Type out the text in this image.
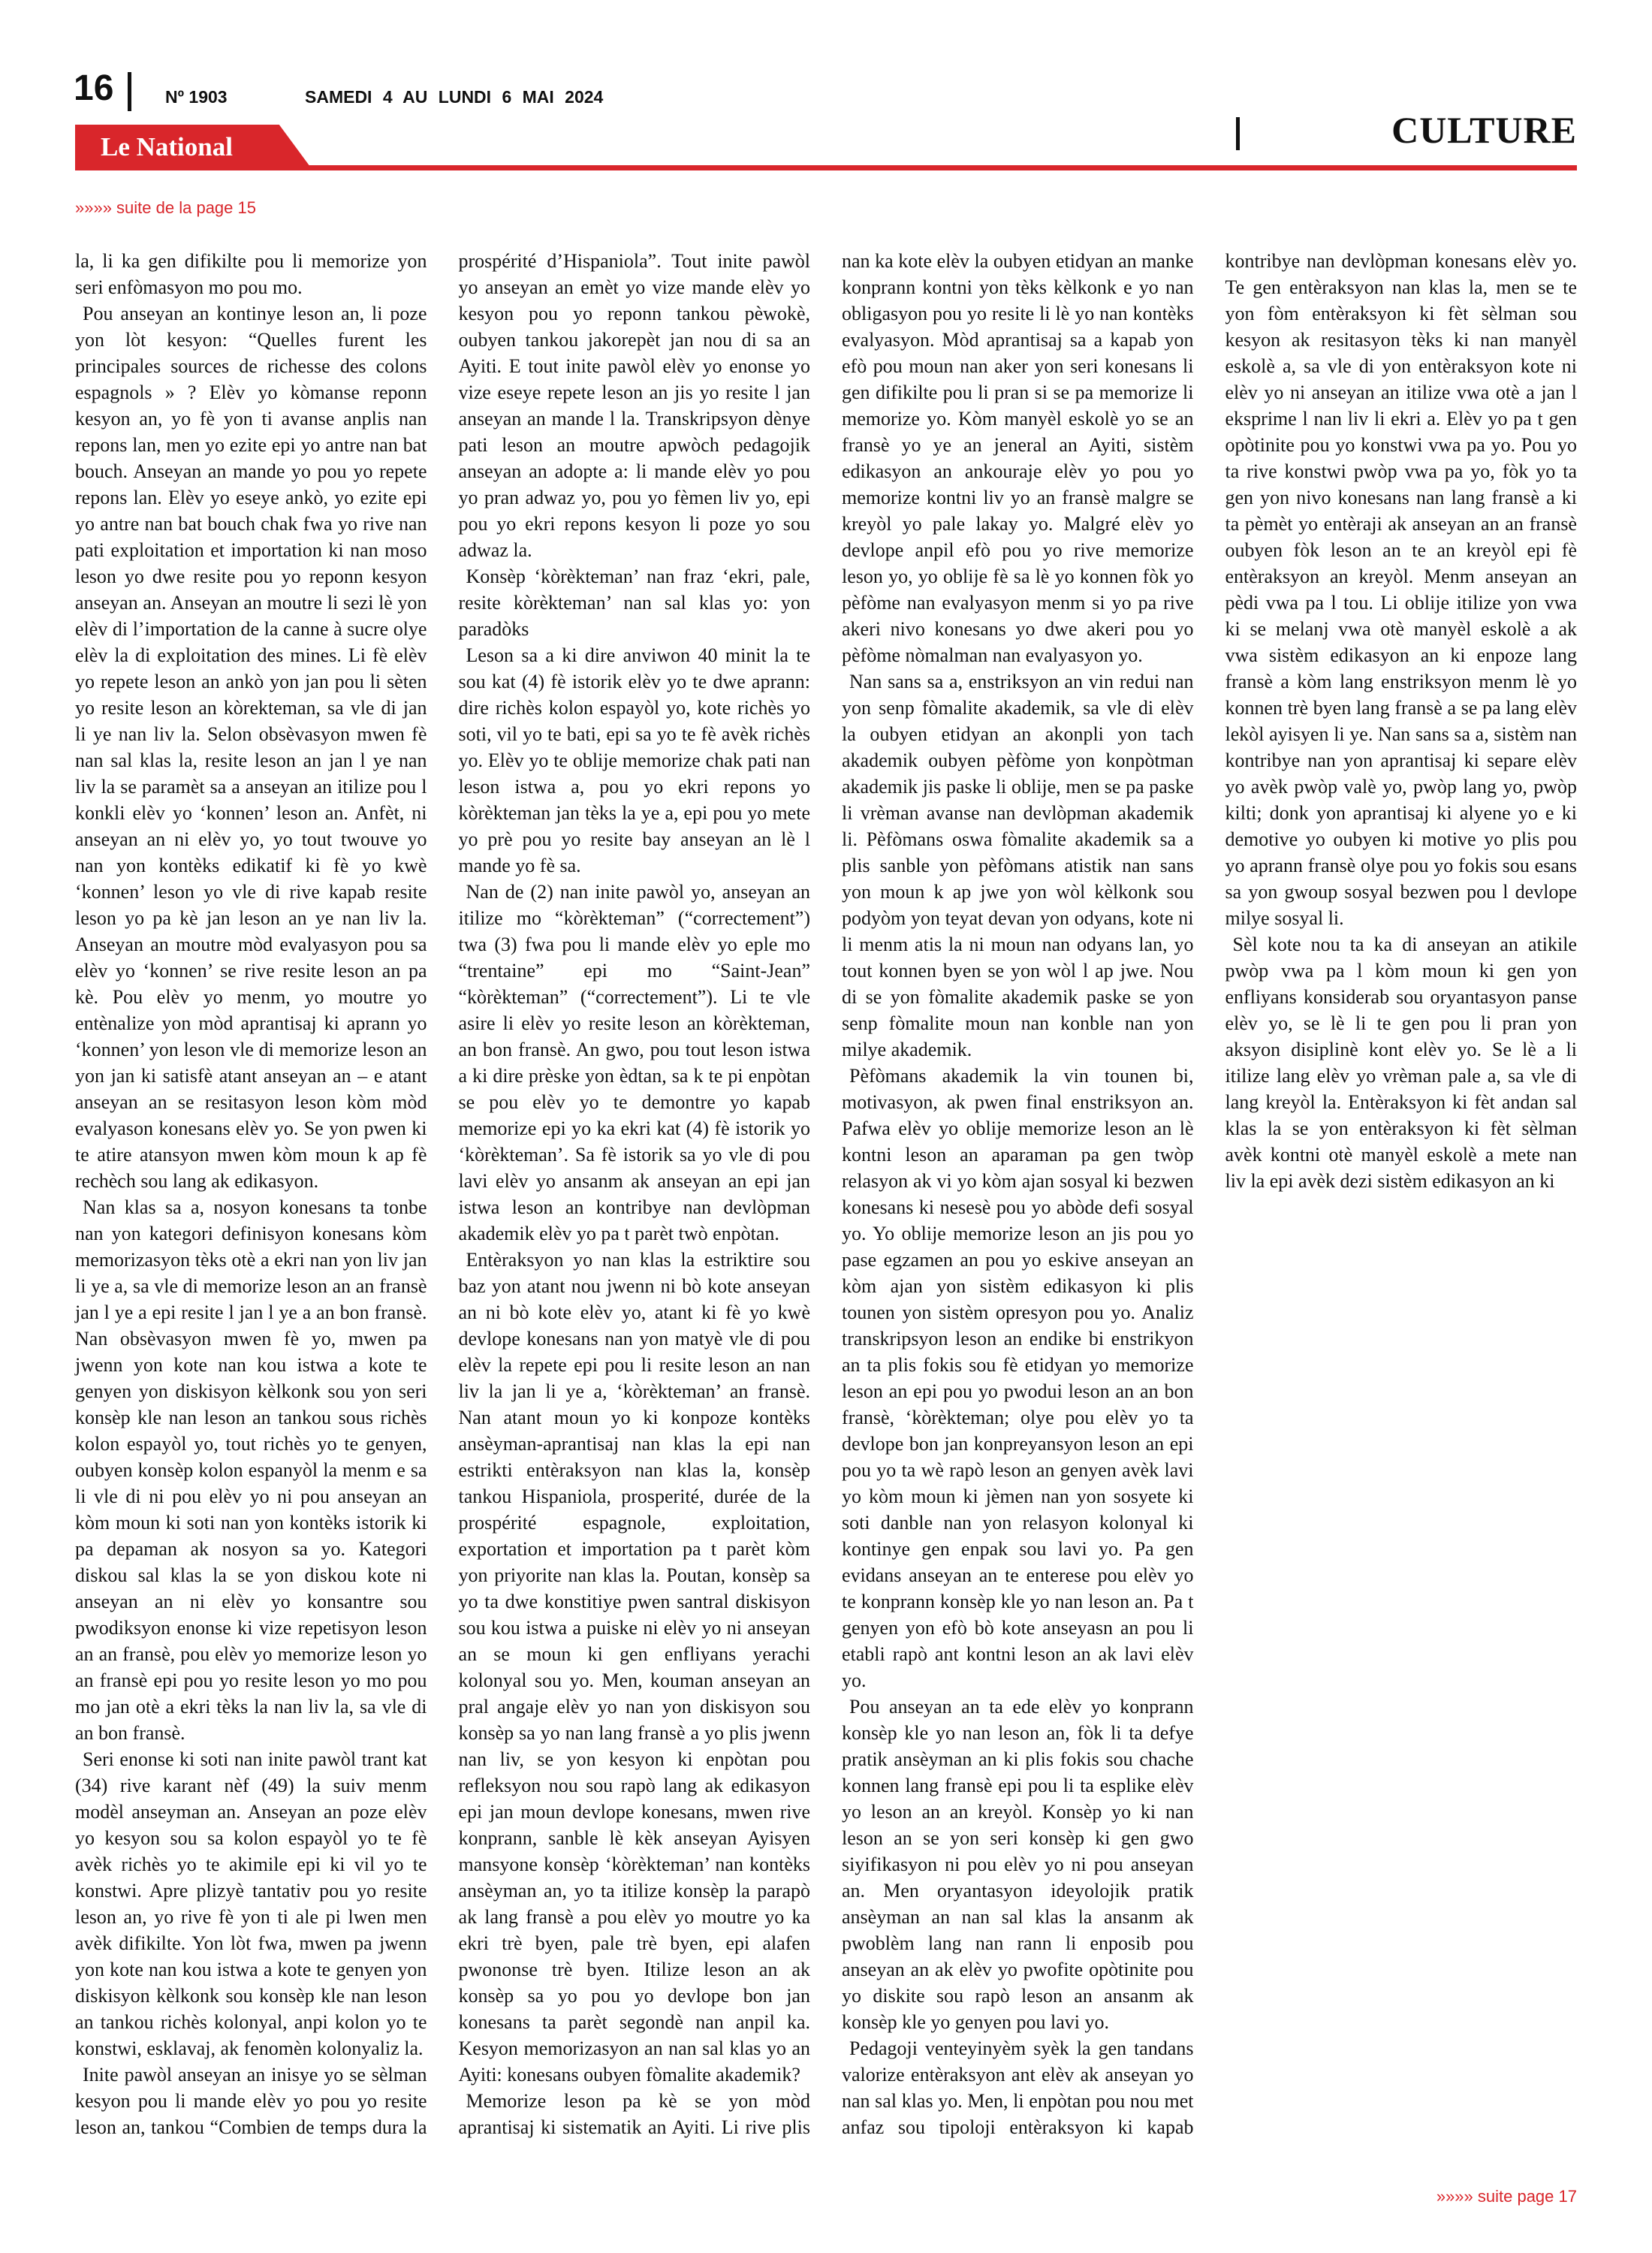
16	Nº 1903	SAMEDI 4 AU LUNDI 6 MAI 2024
Le National	CULTURE
»»»» suite de la page 15

la, li ka gen difikilte pou li memorize yon seri enfòmasyon mo pou mo.

Pou anseyan an kontinye leson an, li poze yon lòt kesyon: “Quelles furent les principales sources de richesse des colons espagnols » ? Elèv yo kòmanse reponn kesyon an, yo fè yon ti avanse anplis nan repons lan, men yo ezite epi yo antre nan bat bouch. Anseyan an mande yo pou yo repete repons lan. Elèv yo eseye ankò, yo ezite epi yo antre nan bat bouch chak fwa yo rive nan pati exploitation et importation ki nan moso leson yo dwe resite pou yo reponn kesyon anseyan an. Anseyan an moutre li sezi lè yon elèv di l’importation de la canne à sucre olye elèv la di exploitation des mines. Li fè elèv yo repete leson an ankò yon jan pou li sèten yo resite leson an kòrekteman, sa vle di jan li ye nan liv la. Selon obsèvasyon mwen fè nan sal klas la, resite leson an jan l ye nan liv la se paramèt sa a anseyan an itilize pou l konkli elèv yo ‘konnen’ leson an. Anfèt, ni anseyan an ni elèv yo, yo tout twouve yo nan yon kontèks edikatif ki fè yo kwè ‘konnen’ leson yo vle di rive kapab resite leson yo pa kè jan leson an ye nan liv la. Anseyan an moutre mòd evalyasyon pou sa elèv yo ‘konnen’ se rive resite leson an pa kè. Pou elèv yo menm, yo moutre yo entènalize yon mòd aprantisaj ki aprann yo ‘konnen’ yon leson vle di memorize leson an yon jan ki satisfè atant anseyan an – e atant anseyan an se resitasyon leson kòm mòd evalyason konesans elèv yo. Se yon pwen ki te atire atansyon mwen kòm moun k ap fè rechèch sou lang ak edikasyon.

Nan klas sa a, nosyon konesans ta tonbe nan yon kategori definisyon konesans kòm memorizasyon tèks otè a ekri nan yon liv jan li ye a, sa vle di memorize leson an an fransè jan l ye a epi resite l jan l ye a an bon fransè. Nan obsèvasyon mwen fè yo, mwen pa jwenn yon kote nan kou istwa a kote te genyen yon diskisyon kèlkonk sou yon seri konsèp kle nan leson an tankou sous richès kolon espayòl yo, tout richès yo te genyen, oubyen konsèp kolon espanyòl la menm e sa li vle di ni pou elèv yo ni pou anseyan an kòm moun ki soti nan yon kontèks istorik ki pa depaman ak nosyon sa yo. Kategori diskou sal klas la se yon diskou kote ni anseyan an ni elèv yo konsantre sou pwodiksyon enonse ki vize repetisyon leson an an fransè, pou elèv yo memorize leson yo an fransè epi pou yo resite leson yo mo pou mo jan otè a ekri tèks la nan liv la, sa vle di an bon fransè.

Seri enonse ki soti nan inite pawòl trant kat (34) rive karant nèf (49) la suiv menm modèl anseyman an. Anseyan an poze elèv yo kesyon sou sa kolon espayòl yo te fè avèk richès yo te akimile epi ki vil yo te konstwi. Apre plizyè tantativ pou yo resite leson an, yo rive fè yon ti ale pi lwen men avèk difikilte. Yon lòt fwa, mwen pa jwenn yon kote nan kou istwa a kote te genyen yon diskisyon kèlkonk sou konsèp kle nan leson an tankou richès kolonyal, anpi kolon yo te konstwi, esklavaj, ak fenomèn kolonyaliz la.

Inite pawòl anseyan an inisye yo se sèlman kesyon pou li mande elèv yo pou yo resite leson an, tankou “Combien de temps dura la prospérité d’Hispaniola”. Tout inite pawòl yo anseyan an emèt yo vize mande elèv yo kesyon pou yo reponn tankou pèwokè, oubyen tankou jakorepèt jan nou di sa an Ayiti. E tout inite pawòl elèv yo enonse yo vize eseye repete leson an jis yo resite l jan anseyan an mande l la. Transkripsyon dènye pati leson an moutre apwòch pedagojik anseyan an adopte a: li mande elèv yo pou yo pran adwaz yo, pou yo fèmen liv yo, epi pou yo ekri repons kesyon li poze yo sou adwaz la.

Konsèp ‘kòrèkteman’ nan fraz ‘ekri, pale, resite kòrèkteman’ nan sal klas yo: yon paradòks

Leson sa a ki dire anviwon 40 minit la te sou kat (4) fè istorik elèv yo te dwe aprann: dire richès kolon espayòl yo, kote richès yo soti, vil yo te bati, epi sa yo te fè avèk richès yo. Elèv yo te oblije memorize chak pati nan leson istwa a, pou yo ekri repons yo kòrèkteman jan tèks la ye a, epi pou yo mete yo prè pou yo resite bay anseyan an lè l mande yo fè sa.

Nan de (2) nan inite pawòl yo, anseyan an itilize mo “kòrèkteman” (“correctement”) twa (3) fwa pou li mande elèv yo eple mo “trentaine” epi mo “Saint-Jean” “kòrèkteman” (“correctement”). Li te vle asire li elèv yo resite leson an kòrèkteman, an bon fransè. An gwo, pou tout leson istwa a ki dire prèske yon èdtan, sa k te pi enpòtan se pou elèv yo te demontre yo kapab memorize epi yo ka ekri kat (4) fè istorik yo ‘kòrèkteman’. Sa fè istorik sa yo vle di pou lavi elèv yo ansanm ak anseyan an epi jan istwa leson an kontribye nan devlòpman akademik elèv yo pa t parèt twò enpòtan.

Entèraksyon yo nan klas la estriktire sou baz yon atant nou jwenn ni bò kote anseyan an ni bò kote elèv yo, atant ki fè yo kwè devlope konesans nan yon matyè vle di pou elèv la repete epi pou li resite leson an nan liv la jan li ye a, ‘kòrèkteman’ an fransè. Nan atant moun yo ki konpoze kontèks ansèyman-aprantisaj nan klas la epi nan estrikti entèraksyon nan klas la, konsèp tankou Hispaniola, prosperité, durée de la prospérité espagnole, exploitation, exportation et importation pa t parèt kòm yon priyorite nan klas la. Poutan, konsèp sa yo ta dwe konstitiye pwen santral diskisyon sou kou istwa a puiske ni elèv yo ni anseyan an se moun ki gen enfliyans yerachi kolonyal sou yo. Men, kouman anseyan an pral angaje elèv yo nan yon diskisyon sou konsèp sa yo nan lang fransè a yo plis jwenn nan liv, se yon kesyon ki enpòtan pou refleksyon nou sou rapò lang ak edikasyon epi jan moun devlope konesans, mwen rive konprann, sanble lè kèk anseyan Ayisyen mansyone konsèp ‘kòrèkteman’ nan kontèks ansèyman an, yo ta itilize konsèp la parapò ak lang fransè a pou elèv yo moutre yo ka ekri trè byen, pale trè byen, epi alafen pwononse trè byen. Itilize leson an ak konsèp sa yo pou yo devlope bon jan konesans ta parèt segondè nan anpil ka. Kesyon memorizasyon an nan sal klas yo an Ayiti: konesans oubyen fòmalite akademik?

Memorize leson pa kè se yon mòd aprantisaj ki sistematik an Ayiti. Li rive plis nan ka kote elèv la oubyen etidyan an manke konprann kontni yon tèks kèlkonk e yo nan obligasyon pou yo resite li lè yo nan kontèks evalyasyon. Mòd aprantisaj sa a kapab yon efò pou moun nan aker yon seri konesans li gen difikilte pou li pran si se pa memorize li memorize yo. Kòm manyèl eskolè yo se an fransè yo ye an jeneral an Ayiti, sistèm edikasyon an ankouraje elèv yo pou yo memorize kontni liv yo an fransè malgre se kreyòl yo pale lakay yo. Malgré elèv yo devlope anpil efò pou yo rive memorize leson yo, yo oblije fè sa lè yo konnen fòk yo pèfòme nan evalyasyon menm si yo pa rive akeri nivo konesans yo dwe akeri pou yo pèfòme nòmalman nan evalyasyon yo.

Nan sans sa a, enstriksyon an vin redui nan yon senp fòmalite akademik, sa vle di elèv la oubyen etidyan an akonpli yon tach akademik oubyen pèfòme yon konpòtman akademik jis paske li oblije, men se pa paske li vrèman avanse nan devlòpman akademik li. Pèfòmans oswa fòmalite akademik sa a plis sanble yon pèfòmans atistik nan sans yon moun k ap jwe yon wòl kèlkonk sou podyòm yon teyat devan yon odyans, kote ni li menm atis la ni moun nan odyans lan, yo tout konnen byen se yon wòl l ap jwe. Nou di se yon fòmalite akademik paske se yon senp fòmalite moun nan konble nan yon milye akademik.

Pèfòmans akademik la vin tounen bi, motivasyon, ak pwen final enstriksyon an. Pafwa elèv yo oblije memorize leson an lè kontni leson an aparaman pa gen twòp relasyon ak vi yo kòm ajan sosyal ki bezwen konesans ki nesesè pou yo abòde defi sosyal yo. Yo oblije memorize leson an jis pou yo pase egzamen an pou yo eskive anseyan an kòm ajan yon sistèm edikasyon ki plis tounen yon sistèm opresyon pou yo. Analiz transkripsyon leson an endike bi enstrikyon an ta plis fokis sou fè etidyan yo memorize leson an epi pou yo pwodui leson an an bon fransè, ‘kòrèkteman; olye pou elèv yo ta devlope bon jan konpreyansyon leson an epi pou yo ta wè rapò leson an genyen avèk lavi yo kòm moun ki jèmen nan yon sosyete ki soti danble nan yon relasyon kolonyal ki kontinye gen enpak sou lavi yo. Pa gen evidans anseyan an te enterese pou elèv yo te konprann konsèp kle yo nan leson an. Pa t genyen yon efò bò kote anseyasn an pou li etabli rapò ant kontni leson an ak lavi elèv yo.

Pou anseyan an ta ede elèv yo konprann konsèp kle yo nan leson an, fòk li ta defye pratik ansèyman an ki plis fokis sou chache konnen lang fransè epi pou li ta esplike elèv yo leson an an kreyòl. Konsèp yo ki nan leson an se yon seri konsèp ki gen gwo siyifikasyon ni pou elèv yo ni pou anseyan an. Men oryantasyon ideyolojik pratik ansèyman an nan sal klas la ansanm ak pwoblèm lang nan rann li enposib pou anseyan an ak elèv yo pwofite opòtinite pou yo diskite sou rapò leson an ansanm ak konsèp kle yo genyen pou lavi yo.

Pedagoji venteyinyèm syèk la gen tandans valorize entèraksyon ant elèv ak anseyan yo nan sal klas yo. Men, li enpòtan pou nou met anfaz sou tipoloji entèraksyon ki kapab kontribye nan devlòpman konesans elèv yo. Te gen entèraksyon nan klas la, men se te yon fòm entèraksyon ki fèt sèlman sou kesyon ak resitasyon tèks ki nan manyèl eskolè a, sa vle di yon entèraksyon kote ni elèv yo ni anseyan an itilize vwa otè a jan l eksprime l nan liv li ekri a. Elèv yo pa t gen opòtinite pou yo konstwi vwa pa yo. Pou yo ta rive konstwi pwòp vwa pa yo, fòk yo ta gen yon nivo konesans nan lang fransè a ki ta pèmèt yo entèraji ak anseyan an an fransè oubyen fòk leson an te an kreyòl epi fè entèraksyon an kreyòl. Menm anseyan an pèdi vwa pa l tou. Li oblije itilize yon vwa ki se melanj vwa otè manyèl eskolè a ak vwa sistèm edikasyon an ki enpoze lang fransè a kòm lang enstriksyon menm lè yo konnen trè byen lang fransè a se pa lang elèv lekòl ayisyen li ye. Nan sans sa a, sistèm nan kontribye nan yon aprantisaj ki separe elèv yo avèk pwòp valè yo, pwòp lang yo, pwòp kilti; donk yon aprantisaj ki alyene yo e ki demotive yo oubyen ki motive yo plis pou yo aprann fransè olye pou yo fokis sou esans sa yon gwoup sosyal bezwen pou l devlope milye sosyal li.

Sèl kote nou ta ka di anseyan an atikile pwòp vwa pa l kòm moun ki gen yon enfliyans konsiderab sou oryantasyon panse elèv yo, se lè li te gen pou li pran yon aksyon disiplinè kont elèv yo. Se lè a li itilize lang elèv yo vrèman pale a, sa vle di lang kreyòl la. Entèraksyon ki fèt andan sal klas la se yon entèraksyon ki fèt sèlman avèk kontni otè manyèl eskolè a mete nan liv la epi avèk dezi sistèm edikasyon an ki

»»»» suite page 17
